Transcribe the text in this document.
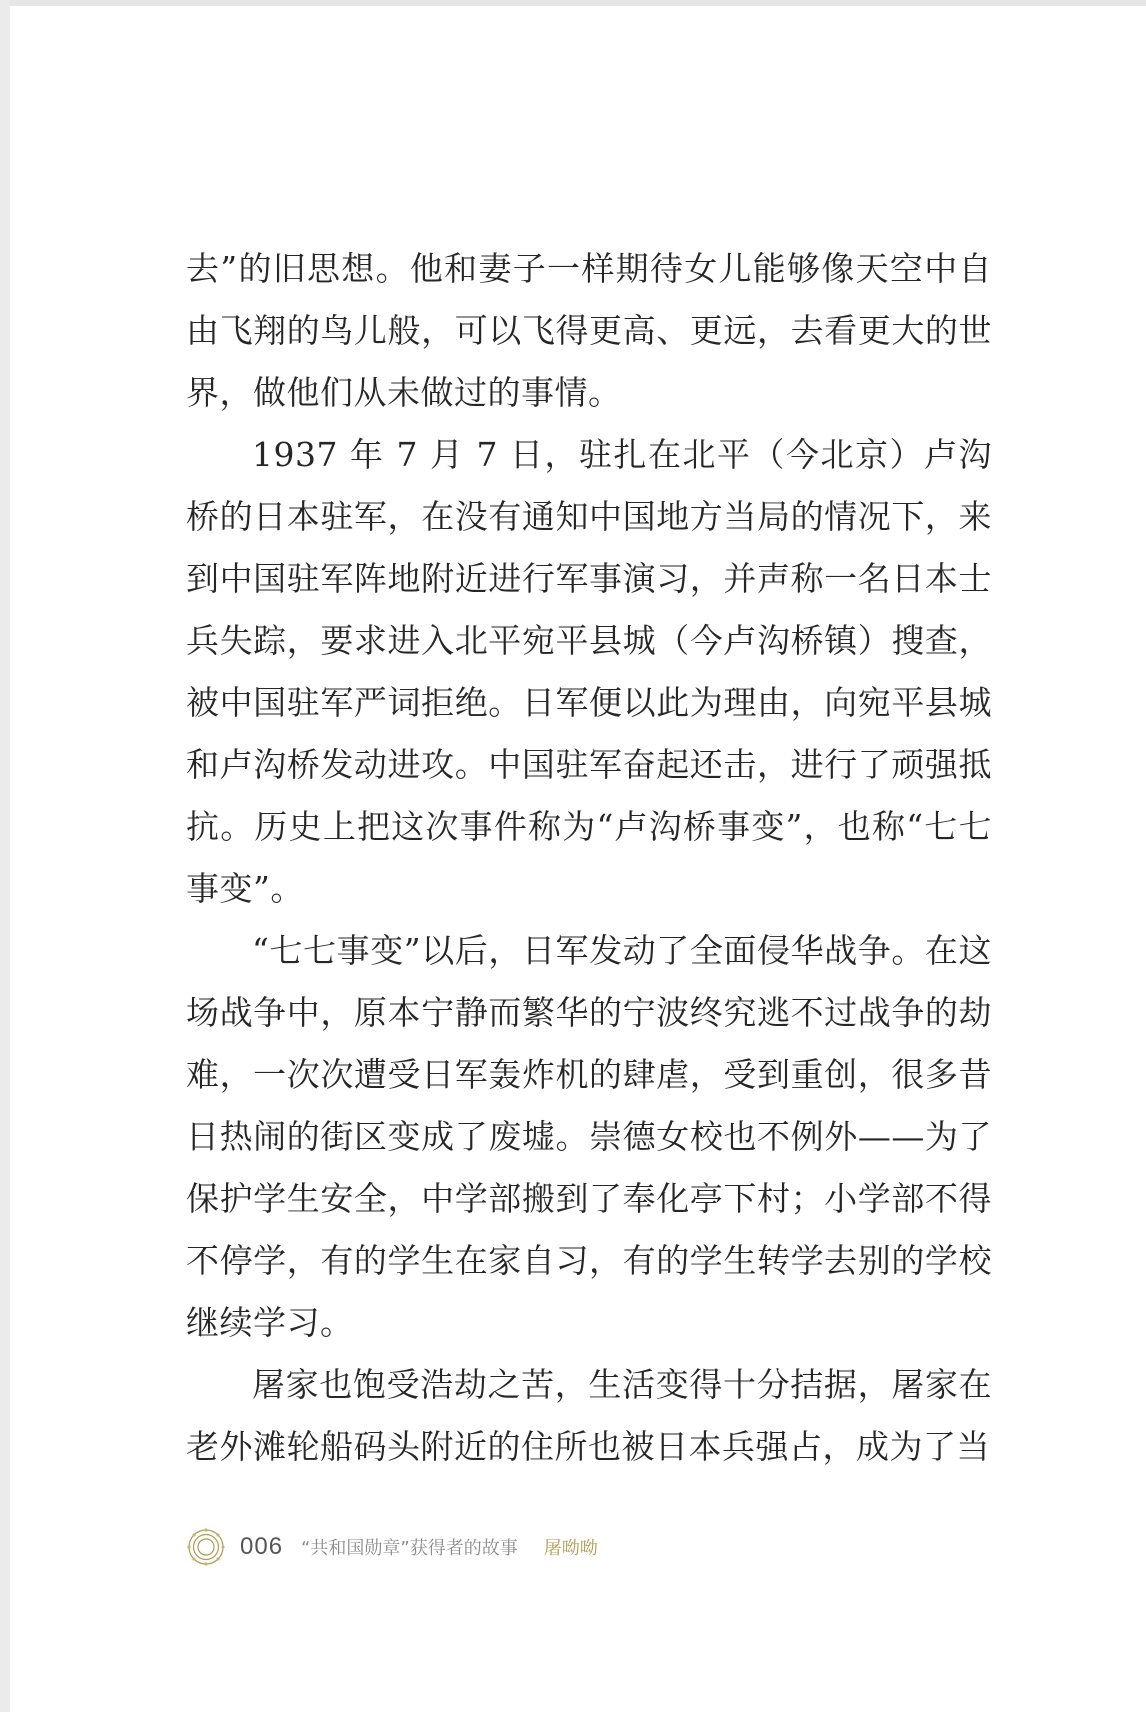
去”的旧思想。他和妻子一样期待女儿能够像天空中自由飞翔的鸟儿般，可以飞得更高、更远，去看更大的世界，做他们从未做过的事情。

1937 年 7 月 7 日，驻扎在北平（今北京）卢沟桥的日本驻军，在没有通知中国地方当局的情况下，来到中国驻军阵地附近进行军事演习，并声称一名日本士兵失踪，要求进入北平宛平县城（今卢沟桥镇）搜查，被中国驻军严词拒绝。日军便以此为理由，向宛平县城和卢沟桥发动进攻。中国驻军奋起还击，进行了顽强抵抗。历史上把这次事件称为“卢沟桥事变”，也称“七七事变”。

“七七事变”以后，日军发动了全面侵华战争。在这场战争中，原本宁静而繁华的宁波终究逃不过战争的劫难，一次次遭受日军轰炸机的肆虐，受到重创，很多昔日热闹的街区变成了废墟。崇德女校也不例外——为了保护学生安全，中学部搬到了奉化亭下村；小学部不得不停学，有的学生在家自习，有的学生转学去别的学校继续学习。

屠家也饱受浩劫之苦，生活变得十分拮据，屠家在老外滩轮船码头附近的住所也被日本兵强占，成为了当

006 “共和国勋章”获得者的故事 屠呦呦
